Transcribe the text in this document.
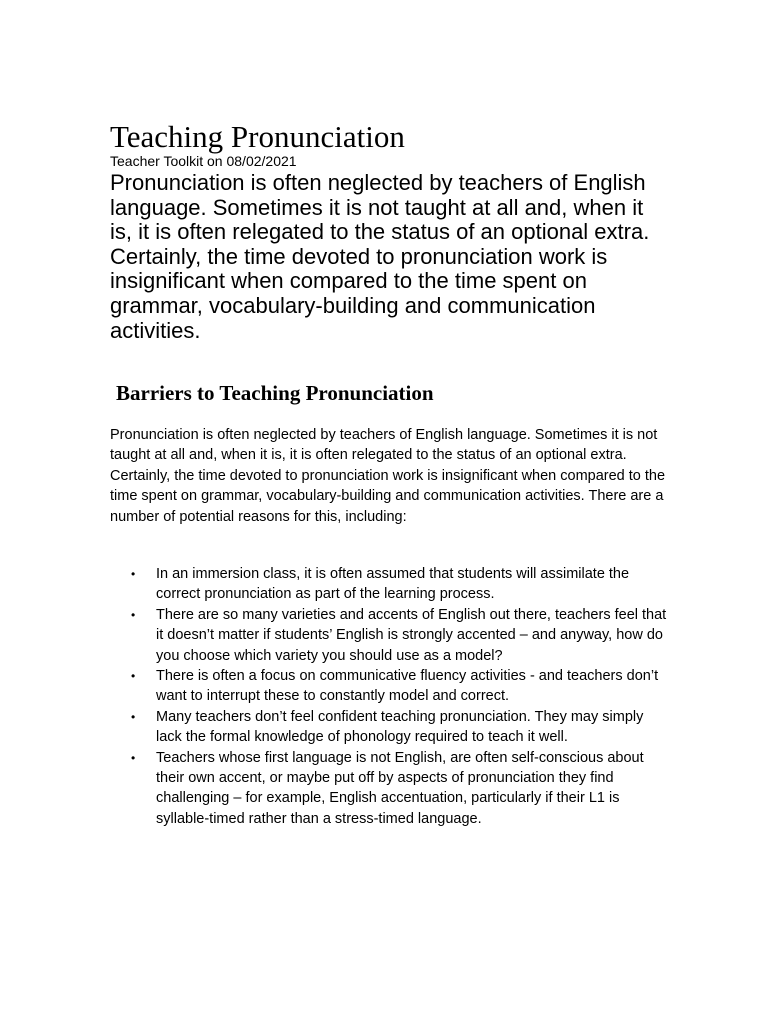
Teaching Pronunciation

Teacher Toolkit on 08/02/2021

Pronunciation is often neglected by teachers of English language. Sometimes it is not taught at all and, when it is, it is often relegated to the status of an optional extra. Certainly, the time devoted to pronunciation work is insignificant when compared to the time spent on grammar, vocabulary-building and communication activities.

Barriers to Teaching Pronunciation

Pronunciation is often neglected by teachers of English language. Sometimes it is not taught at all and, when it is, it is often relegated to the status of an optional extra. Certainly, the time devoted to pronunciation work is insignificant when compared to the time spent on grammar, vocabulary-building and communication activities. There are a number of potential reasons for this, including:

• In an immersion class, it is often assumed that students will assimilate the correct pronunciation as part of the learning process.
• There are so many varieties and accents of English out there, teachers feel that it doesn’t matter if students’ English is strongly accented – and anyway, how do you choose which variety you should use as a model?
• There is often a focus on communicative fluency activities - and teachers don’t want to interrupt these to constantly model and correct.
• Many teachers don’t feel confident teaching pronunciation. They may simply lack the formal knowledge of phonology required to teach it well.
• Teachers whose first language is not English, are often self-conscious about their own accent, or maybe put off by aspects of pronunciation they find challenging – for example, English accentuation, particularly if their L1 is syllable-timed rather than a stress-timed language.
